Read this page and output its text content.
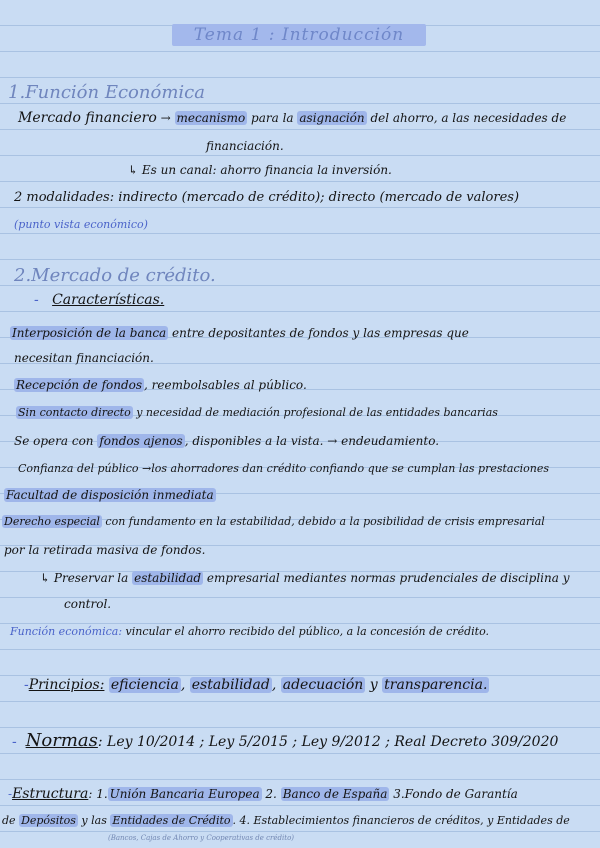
Tema 1 : Introducción
1.Función Económica
Mercado financiero → mecanismo para la asignación del ahorro, a las necesidades de
financiación.
↳ Es un canal: ahorro financia la inversión.
2 modalidades: indirecto (mercado de crédito); directo (mercado de valores)
(punto vista económico)
2.Mercado de crédito.
- Características.
Interposición de la banca entre depositantes de fondos y las empresas que
necesitan financiación.
Recepción de fondos , reembolsables al público.
Sin contacto directo y necesidad de mediación profesional de las entidades bancarias
Se opera con fondos ajenos , disponibles a la vista. → endeudamiento.
Confianza del público →los ahorradores dan crédito confiando que se cumplan las prestaciones
Facultad de disposición inmediata
Derecho especial con fundamento en la estabilidad, debido a la posibilidad de crisis empresarial
por la retirada masiva de fondos.
↳ Preservar la estabilidad empresarial mediantes normas prudenciales de disciplina y
control.
Función económica: vincular el ahorro recibido del público, a la concesión de crédito.
-Principios: eficiencia , estabilidad , adecuación y transparencia.
- Normas: Ley 10/2014 ; Ley 5/2015 ; Ley 9/2012 ; Real Decreto 309/2020
-Estructura: 1. Unión Bancaria Europea 2. Banco de España 3.Fondo de Garantía
de Depósitos y las Entidades de Crédito . 4. Establecimientos financieros de créditos, y Entidades de
(Bancos, Cajas de Ahorro y Cooperativas de crédito)
